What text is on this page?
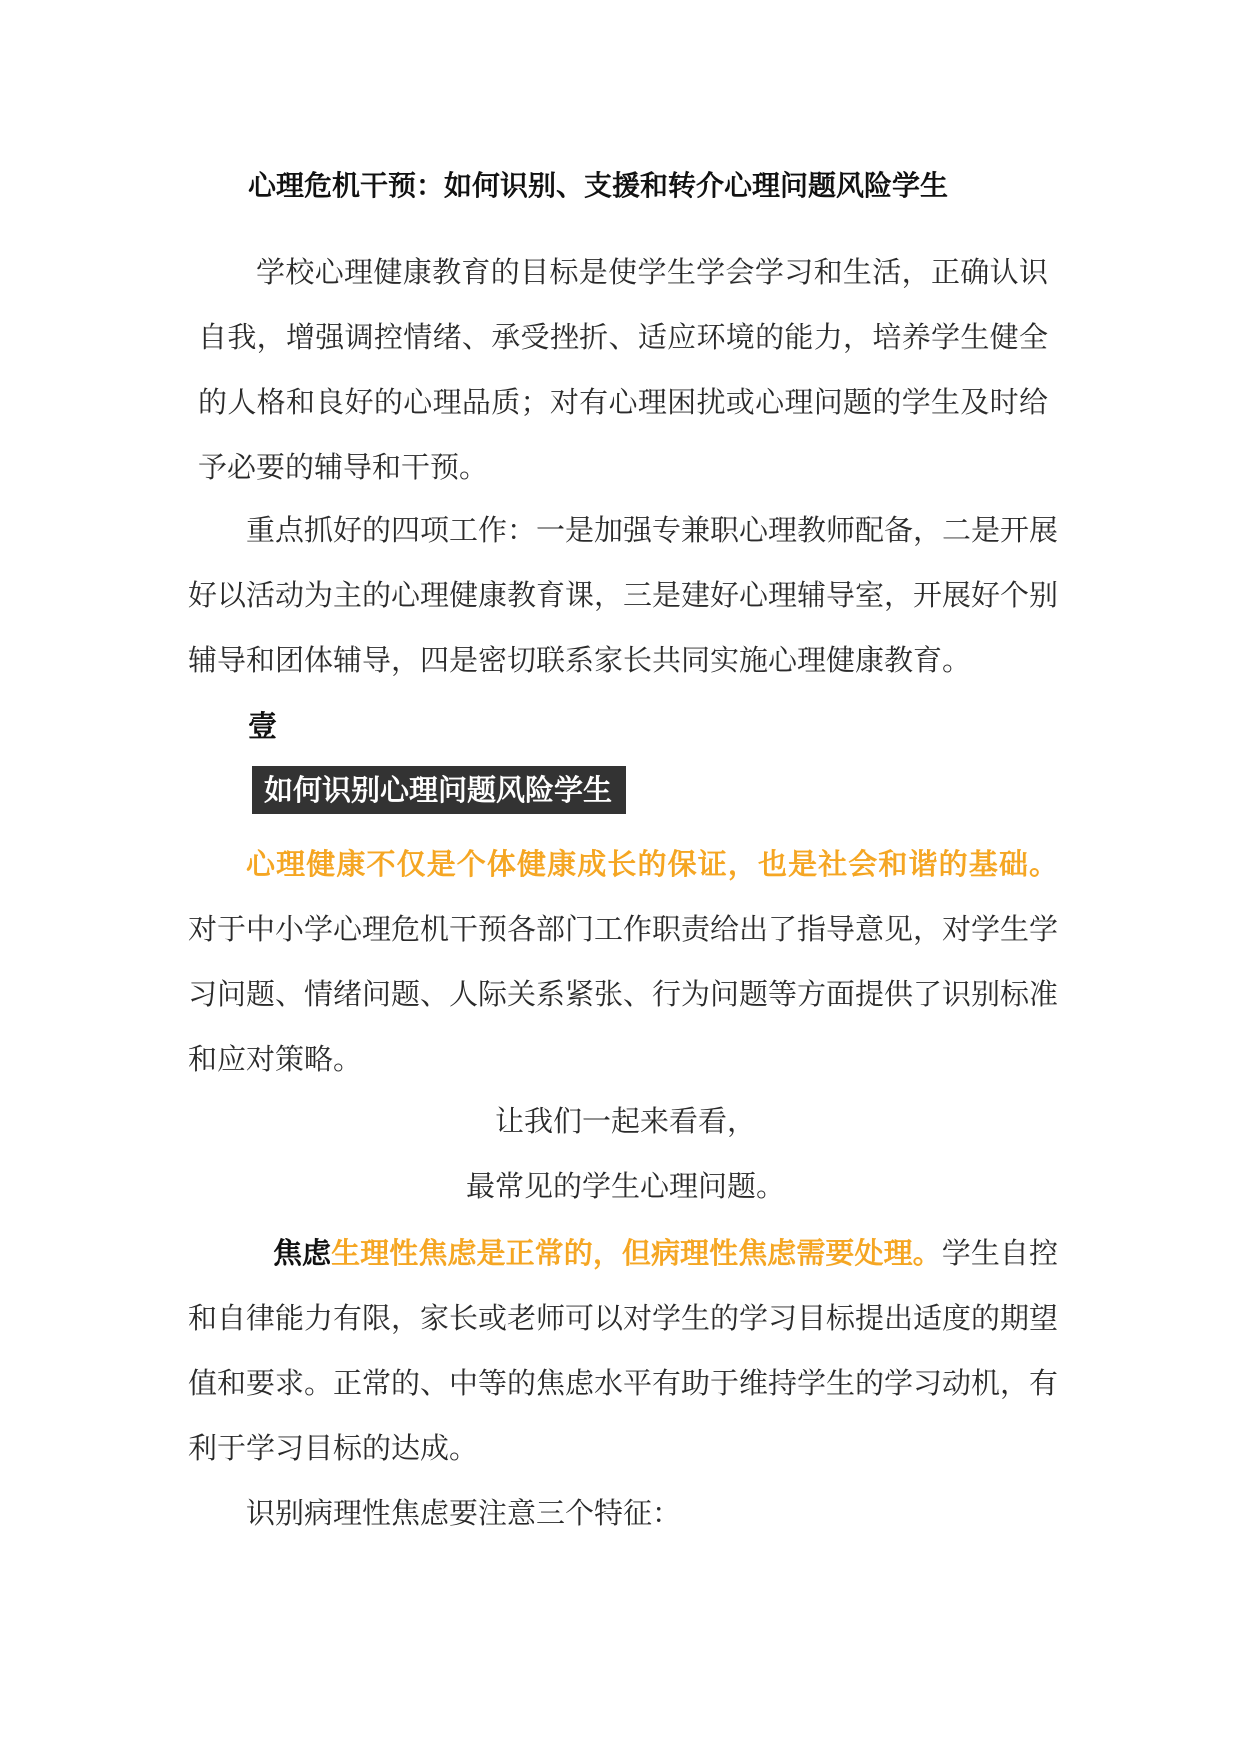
心理危机干预：如何识别、支援和转介心理问题风险学生

学校心理健康教育的目标是使学生学会学习和生活，正确认识自我，增强调控情绪、承受挫折、适应环境的能力，培养学生健全的人格和良好的心理品质；对有心理困扰或心理问题的学生及时给予必要的辅导和干预。

重点抓好的四项工作：一是加强专兼职心理教师配备，二是开展好以活动为主的心理健康教育课，三是建好心理辅导室，开展好个别辅导和团体辅导，四是密切联系家长共同实施心理健康教育。

壹
如何识别心理问题风险学生

心理健康不仅是个体健康成长的保证，也是社会和谐的基础。对于中小学心理危机干预各部门工作职责给出了指导意见，对学生学习问题、情绪问题、人际关系紧张、行为问题等方面提供了识别标准和应对策略。

让我们一起来看看，
最常见的学生心理问题。

焦虑生理性焦虑是正常的，但病理性焦虑需要处理。学生自控和自律能力有限，家长或老师可以对学生的学习目标提出适度的期望值和要求。正常的、中等的焦虑水平有助于维持学生的学习动机，有利于学习目标的达成。

识别病理性焦虑要注意三个特征：
